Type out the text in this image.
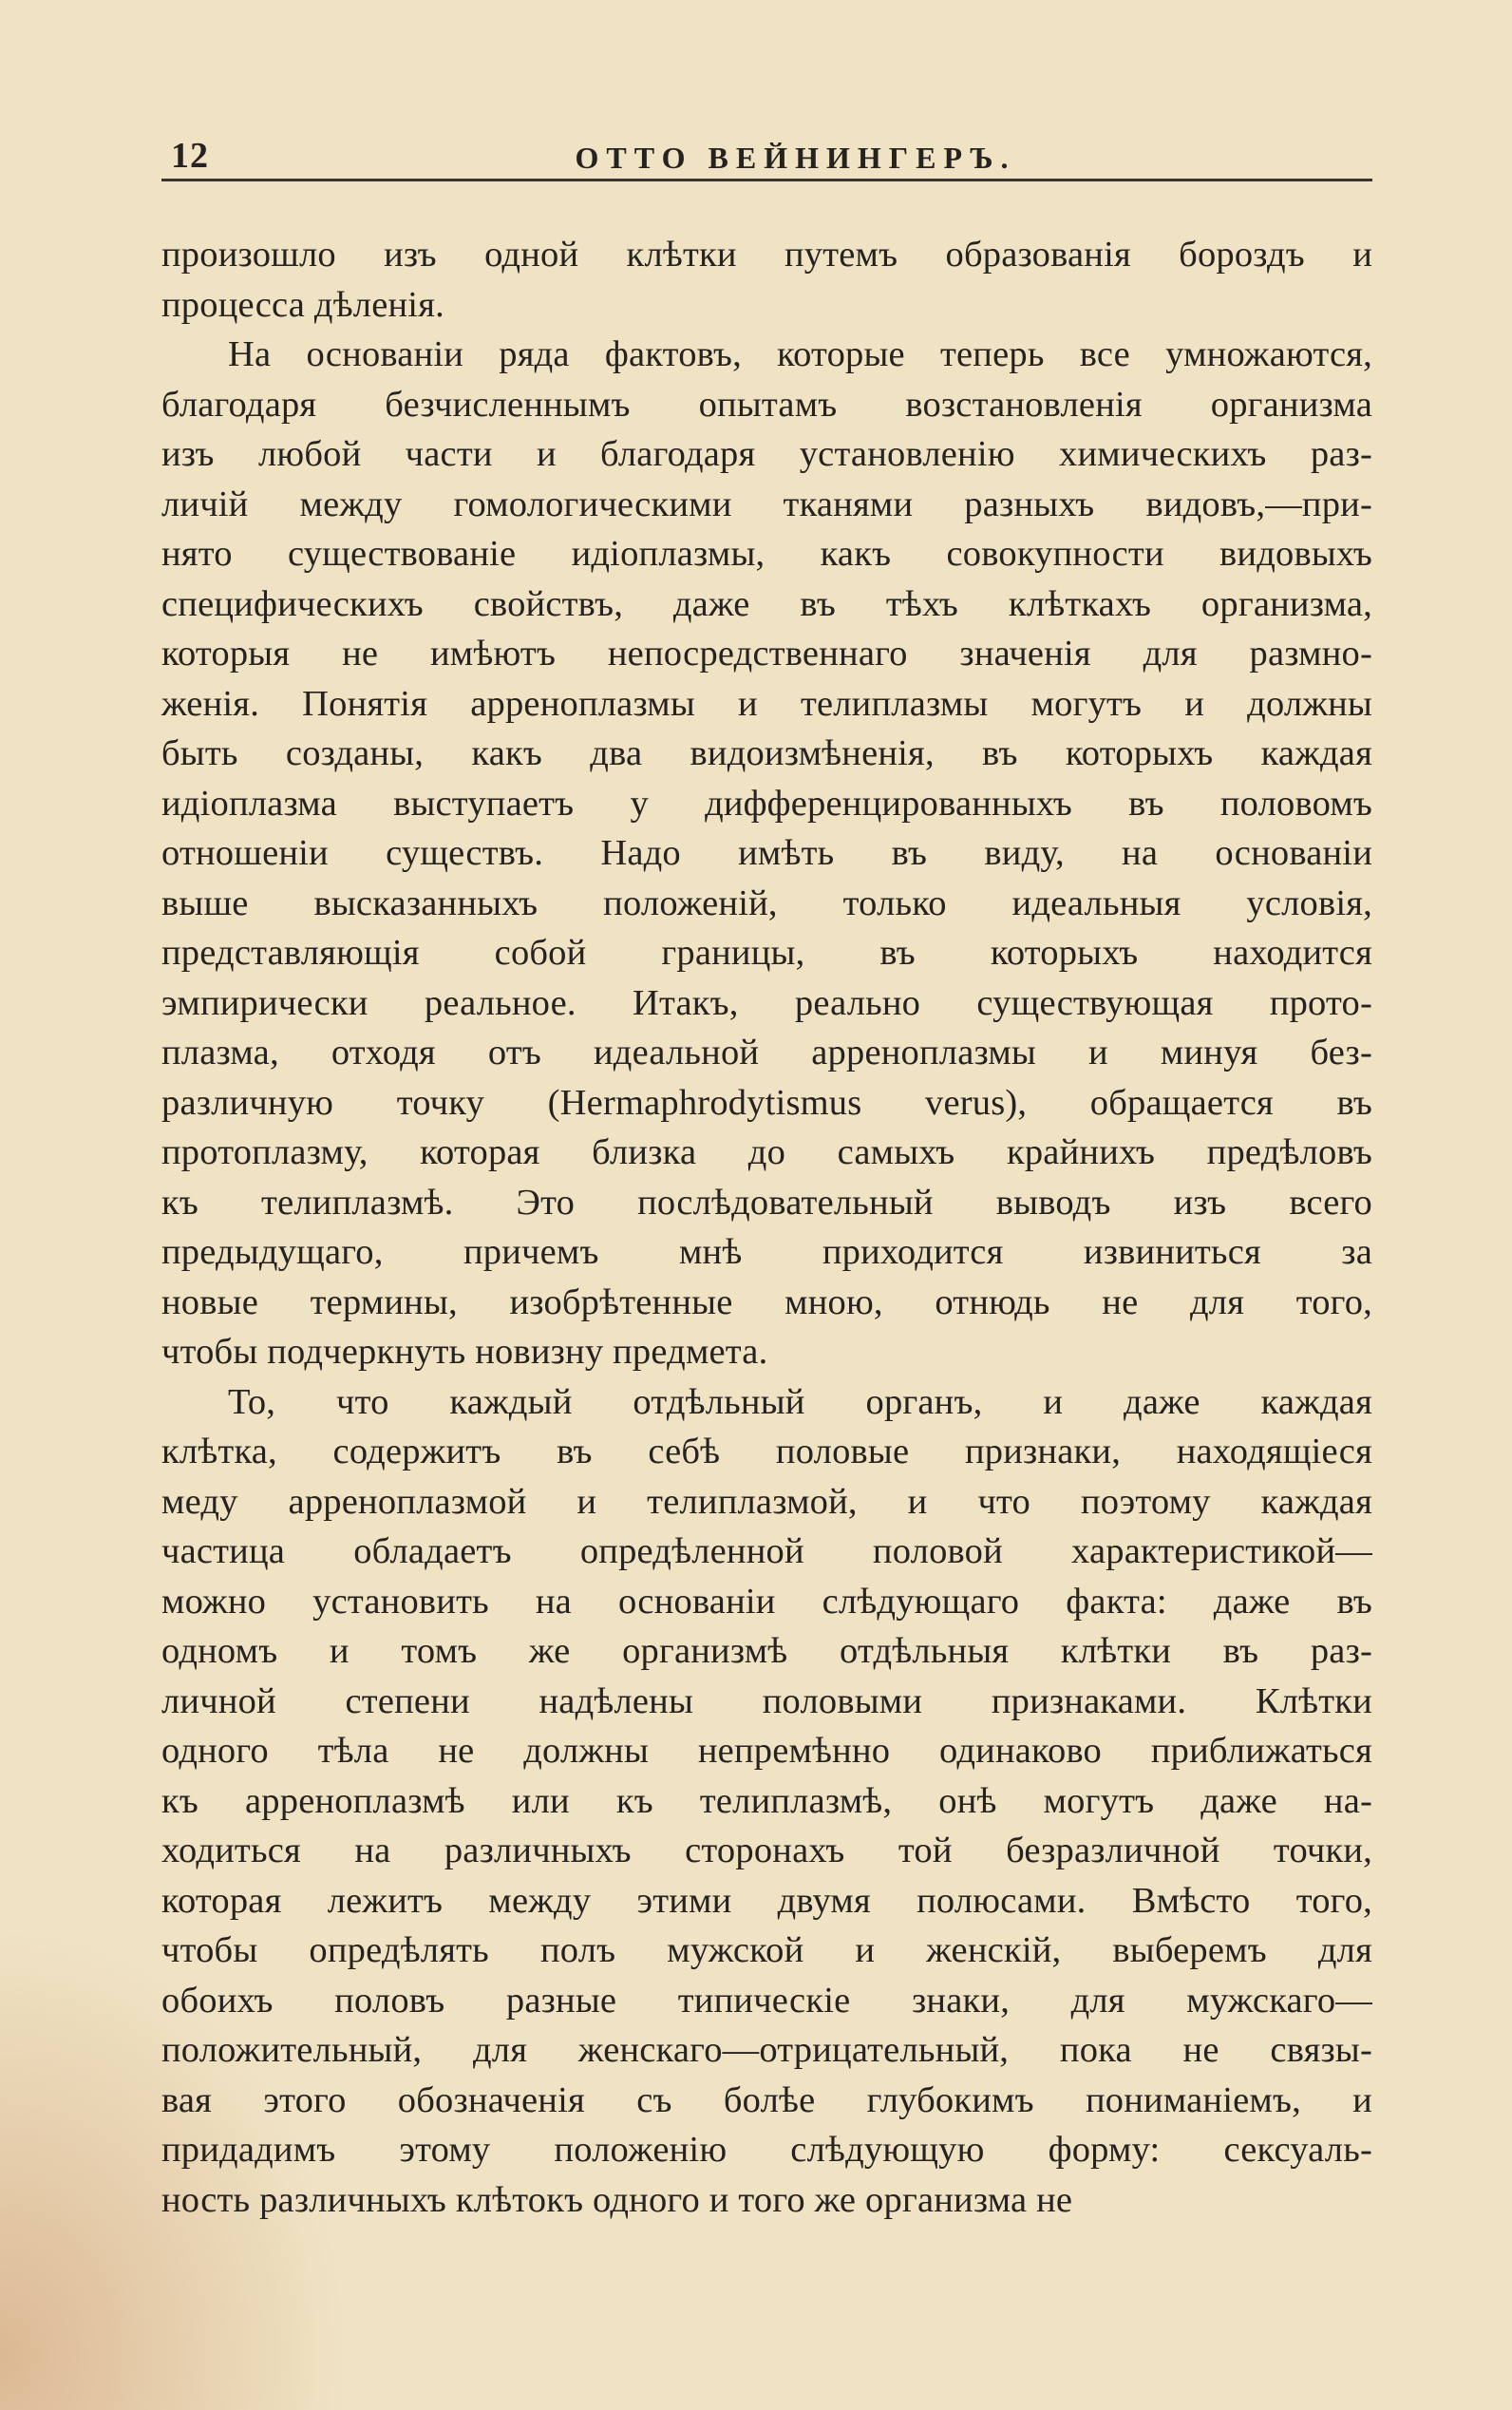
12	ОТТО ВЕЙНИНГЕРЪ.
произошло изъ одной клѣтки путемъ образованія бороздъ и
процесса дѣленія.
На основаніи ряда фактовъ, которые теперь все умножаются,
благодаря безчисленнымъ опытамъ возстановленія организма
изъ любой части и благодаря установленію химическихъ раз-
личій между гомологическими тканями разныхъ видовъ,—при-
нято существованіе идіоплазмы, какъ совокупности видовыхъ
специфическихъ свойствъ, даже въ тѣхъ клѣткахъ организма,
которыя не имѣютъ непосредственнаго значенія для размно-
женія. Понятія арреноплазмы и телиплазмы могутъ и должны
быть созданы, какъ два видоизмѣненія, въ которыхъ каждая
идіоплазма выступаетъ у дифференцированныхъ въ половомъ
отношеніи существъ. Надо имѣть въ виду, на основаніи
выше высказанныхъ положеній, только идеальныя условія,
представляющія собой границы, въ которыхъ находится
эмпирически реальное. Итакъ, реально существующая прото-
плазма, отходя отъ идеальной арреноплазмы и минуя без-
различную точку (Hermaphrodytismus verus), обращается въ
протоплазму, которая близка до самыхъ крайнихъ предѣловъ
къ телиплазмѣ. Это послѣдовательный выводъ изъ всего
предыдущаго, причемъ мнѣ приходится извиниться за
новые термины, изобрѣтенные мною, отнюдь не для того,
чтобы подчеркнуть новизну предмета.
То, что каждый отдѣльный органъ, и даже каждая
клѣтка, содержитъ въ себѣ половые признаки, находящіеся
меду арреноплазмой и телиплазмой, и что поэтому каждая
частица обладаетъ опредѣленной половой характеристикой—
можно установить на основаніи слѣдующаго факта: даже въ
одномъ и томъ же организмѣ отдѣльныя клѣтки въ раз-
личной степени надѣлены половыми признаками. Клѣтки
одного тѣла не должны непремѣнно одинаково приближаться
къ арреноплазмѣ или къ телиплазмѣ, онѣ могутъ даже на-
ходиться на различныхъ сторонахъ той безразличной точки,
которая лежитъ между этими двумя полюсами. Вмѣсто того,
чтобы опредѣлять полъ мужской и женскій, выберемъ для
обоихъ половъ разные типическіе знаки, для мужскаго—
положительный, для женскаго—отрицательный, пока не связы-
вая этого обозначенія съ болѣе глубокимъ пониманіемъ, и
придадимъ этому положенію слѣдующую форму: сексуаль-
ность различныхъ клѣтокъ одного и того же организма не
